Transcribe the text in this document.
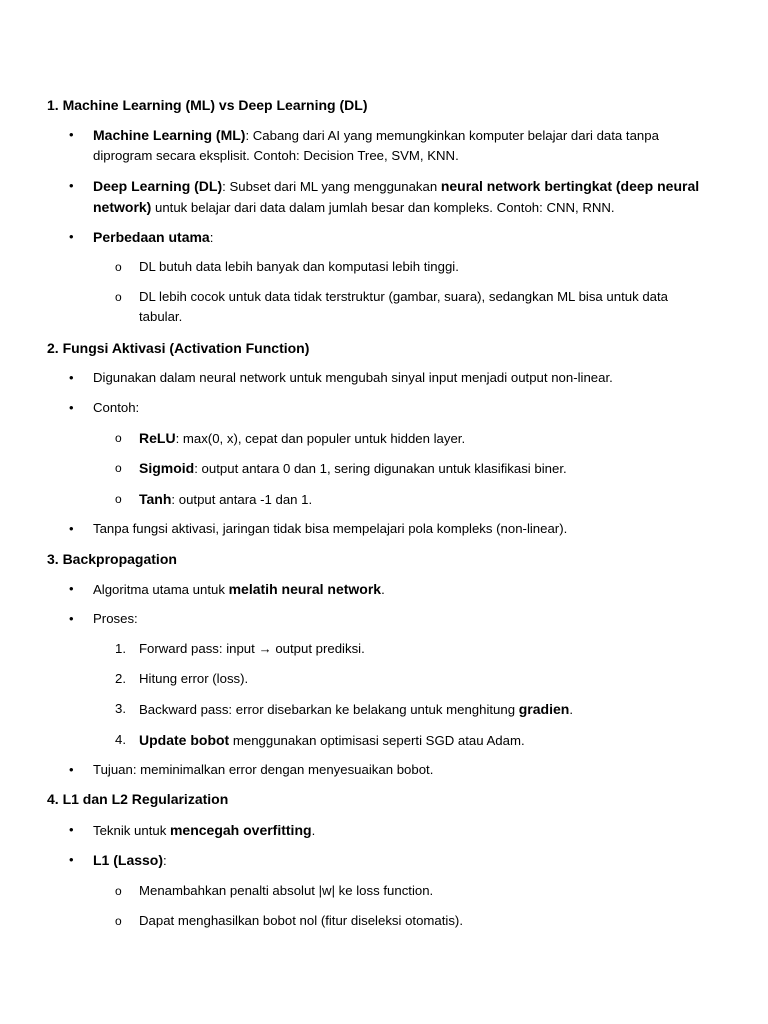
1. Machine Learning (ML) vs Deep Learning (DL)
• Machine Learning (ML): Cabang dari AI yang memungkinkan komputer belajar dari data tanpa diprogram secara eksplisit. Contoh: Decision Tree, SVM, KNN.
• Deep Learning (DL): Subset dari ML yang menggunakan neural network bertingkat (deep neural network) untuk belajar dari data dalam jumlah besar dan kompleks. Contoh: CNN, RNN.
• Perbedaan utama:
o DL butuh data lebih banyak dan komputasi lebih tinggi.
o DL lebih cocok untuk data tidak terstruktur (gambar, suara), sedangkan ML bisa untuk data tabular.
2. Fungsi Aktivasi (Activation Function)
• Digunakan dalam neural network untuk mengubah sinyal input menjadi output non-linear.
• Contoh:
o ReLU: max(0, x), cepat dan populer untuk hidden layer.
o Sigmoid: output antara 0 dan 1, sering digunakan untuk klasifikasi biner.
o Tanh: output antara -1 dan 1.
• Tanpa fungsi aktivasi, jaringan tidak bisa mempelajari pola kompleks (non-linear).
3. Backpropagation
• Algoritma utama untuk melatih neural network.
• Proses:
1. Forward pass: input → output prediksi.
2. Hitung error (loss).
3. Backward pass: error disebarkan ke belakang untuk menghitung gradien.
4. Update bobot menggunakan optimisasi seperti SGD atau Adam.
• Tujuan: meminimalkan error dengan menyesuaikan bobot.
4. L1 dan L2 Regularization
• Teknik untuk mencegah overfitting.
• L1 (Lasso):
o Menambahkan penalti absolut |w| ke loss function.
o Dapat menghasilkan bobot nol (fitur diseleksi otomatis).
